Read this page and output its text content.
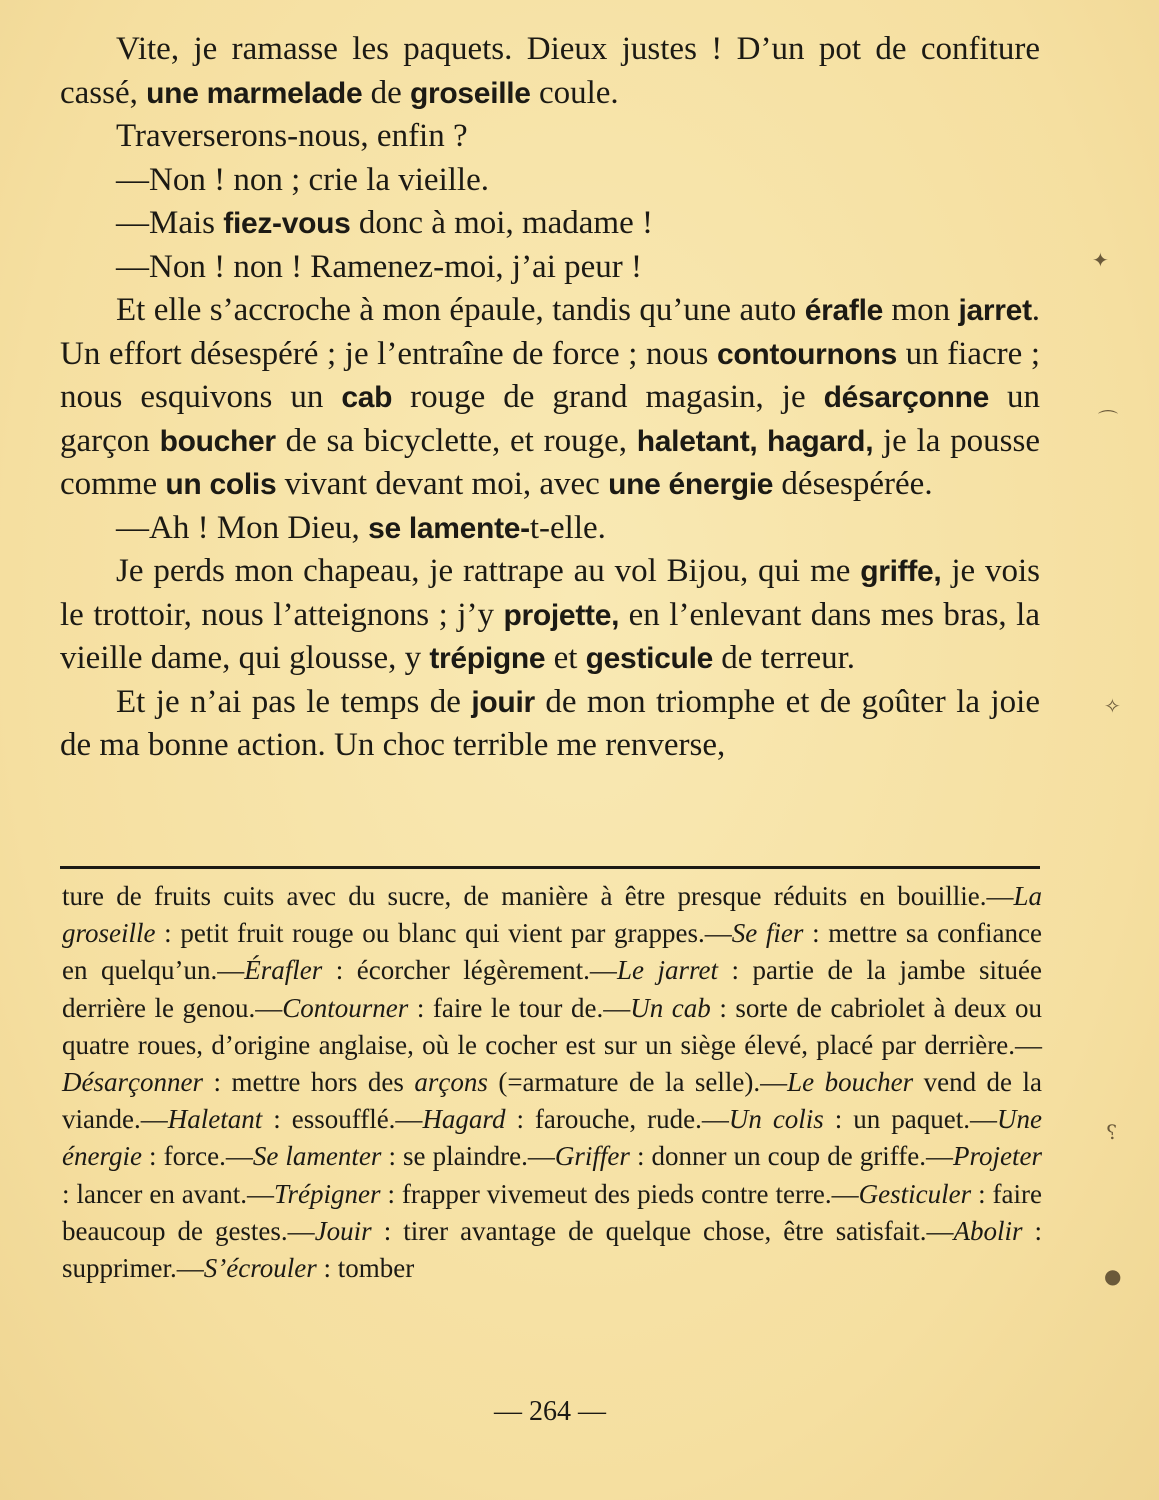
Vite, je ramasse les paquets. Dieux justes ! D’un pot de confiture cassé, une marmelade de groseille coule.

Traverserons-nous, enfin ?

—Non ! non ; crie la vieille.

—Mais fiez-vous donc à moi, madame !

—Non ! non ! Ramenez-moi, j’ai peur !

Et elle s’accroche à mon épaule, tandis qu’une auto érafle mon jarret. Un effort désespéré ; je l’entraîne de force ; nous contournons un fiacre ; nous esquivons un cab rouge de grand magasin, je désarçonne un garçon boucher de sa bicyclette, et rouge, haletant, hagard, je la pousse comme un colis vivant devant moi, avec une énergie désespérée.

—Ah ! Mon Dieu, se lamente-t-elle.

Je perds mon chapeau, je rattrape au vol Bijou, qui me griffe, je vois le trottoir, nous l’atteignons ; j’y projette, en l’enlevant dans mes bras, la vieille dame, qui glousse, y trépigne et gesticule de terreur.

Et je n’ai pas le temps de jouir de mon triomphe et de goûter la joie de ma bonne action. Un choc terrible me renverse,

ture de fruits cuits avec du sucre, de manière à être presque réduits en bouillie.—La groseille : petit fruit rouge ou blanc qui vient par grappes.—Se fier : mettre sa confiance en quelqu’un.—Érafler : écorcher légèrement.—Le jarret : partie de la jambe située derrière le genou.—Contourner : faire le tour de.—Un cab : sorte de cabriolet à deux ou quatre roues, d’origine anglaise, où le cocher est sur un siège élevé, placé par derrière.—Désarçonner : mettre hors des arçons (=armature de la selle).—Le boucher vend de la viande.—Haletant : essoufflé.—Hagard : farouche, rude.—Un colis : un paquet.—Une énergie : force.—Se lamenter : se plaindre.—Griffer : donner un coup de griffe.—Projeter : lancer en avant.—Trépigner : frapper vivemeut des pieds contre terre.—Gesticuler : faire beaucoup de gestes.—Jouir : tirer avantage de quelque chose, être satisfait.—Abolir : supprimer.—S’écrouler : tomber

— 264 —
✦
⌒
✧
⸮
●
